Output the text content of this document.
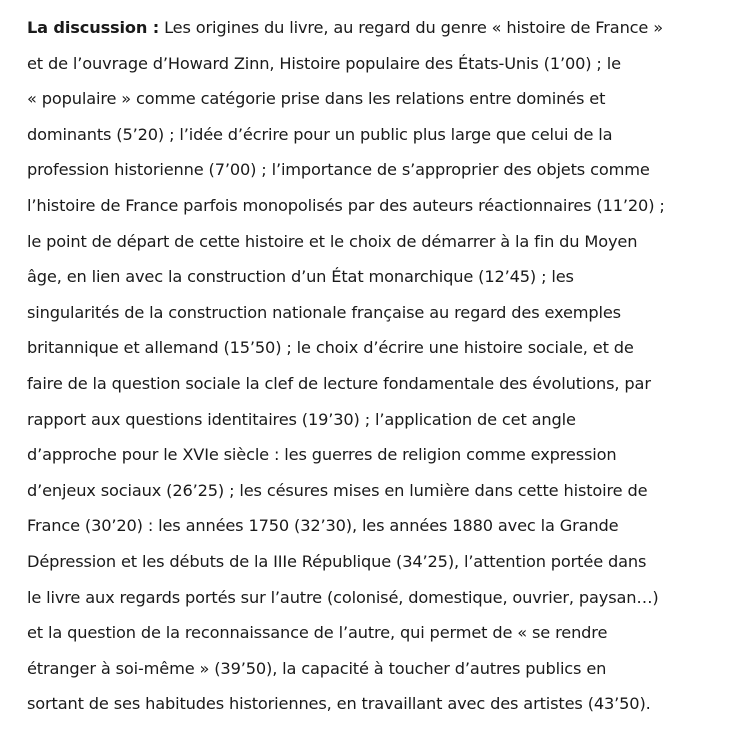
La discussion : Les origines du livre, au regard du genre « histoire de France »
et de l’ouvrage d’Howard Zinn, Histoire populaire des États-Unis (1’00) ; le
« populaire » comme catégorie prise dans les relations entre dominés et
dominants (5’20) ; l’idée d’écrire pour un public plus large que celui de la
profession historienne (7’00) ; l’importance de s’approprier des objets comme
l’histoire de France parfois monopolisés par des auteurs réactionnaires (11’20) ;
le point de départ de cette histoire et le choix de démarrer à la fin du Moyen
âge, en lien avec la construction d’un État monarchique (12’45) ; les
singularités de la construction nationale française au regard des exemples
britannique et allemand (15’50) ; le choix d’écrire une histoire sociale, et de
faire de la question sociale la clef de lecture fondamentale des évolutions, par
rapport aux questions identitaires (19’30) ; l’application de cet angle
d’approche pour le XVIe siècle : les guerres de religion comme expression
d’enjeux sociaux (26’25) ; les césures mises en lumière dans cette histoire de
France (30’20) : les années 1750 (32’30), les années 1880 avec la Grande
Dépression et les débuts de la IIIe République (34’25), l’attention portée dans
le livre aux regards portés sur l’autre (colonisé, domestique, ouvrier, paysan…)
et la question de la reconnaissance de l’autre, qui permet de « se rendre
étranger à soi-même » (39’50), la capacité à toucher d’autres publics en
sortant de ses habitudes historiennes, en travaillant avec des artistes (43’50).
